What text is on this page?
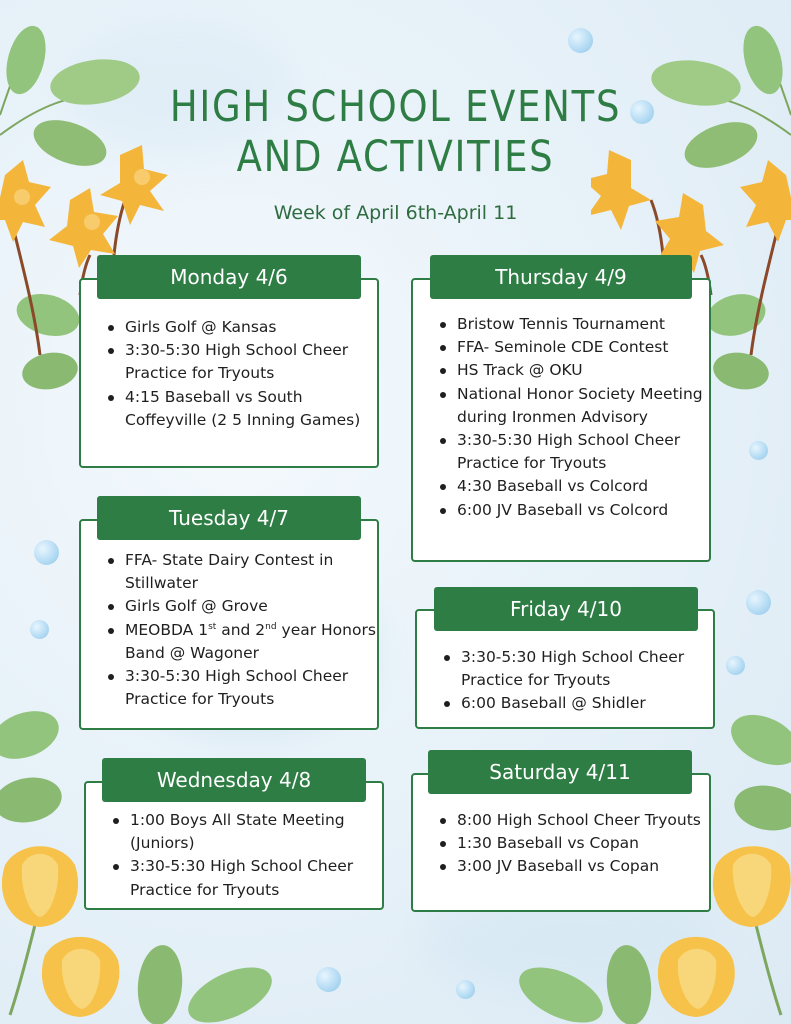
HIGH SCHOOL EVENTS
AND ACTIVITIES
Week of April 6th-April 11
Girls Golf @ Kansas
3:30-5:30 High School Cheer Practice for Tryouts
4:15 Baseball vs South Coffeyville (2 5 Inning Games)
Monday 4/6
FFA- State Dairy Contest in Stillwater
Girls Golf @ Grove
MEOBDA 1st and 2nd year Honors Band @ Wagoner
3:30-5:30 High School Cheer Practice for Tryouts
Tuesday 4/7
1:00 Boys All State Meeting (Juniors)
3:30-5:30 High School Cheer Practice for Tryouts
Wednesday 4/8
Bristow Tennis Tournament
FFA- Seminole CDE Contest
HS Track @ OKU
National Honor Society Meeting during Ironmen Advisory
3:30-5:30 High School Cheer Practice for Tryouts
4:30 Baseball vs Colcord
6:00 JV Baseball vs Colcord
Thursday 4/9
3:30-5:30 High School Cheer Practice for Tryouts
6:00 Baseball @ Shidler
Friday 4/10
8:00 High School Cheer Tryouts
1:30 Baseball vs Copan
3:00 JV Baseball vs Copan
Saturday 4/11
